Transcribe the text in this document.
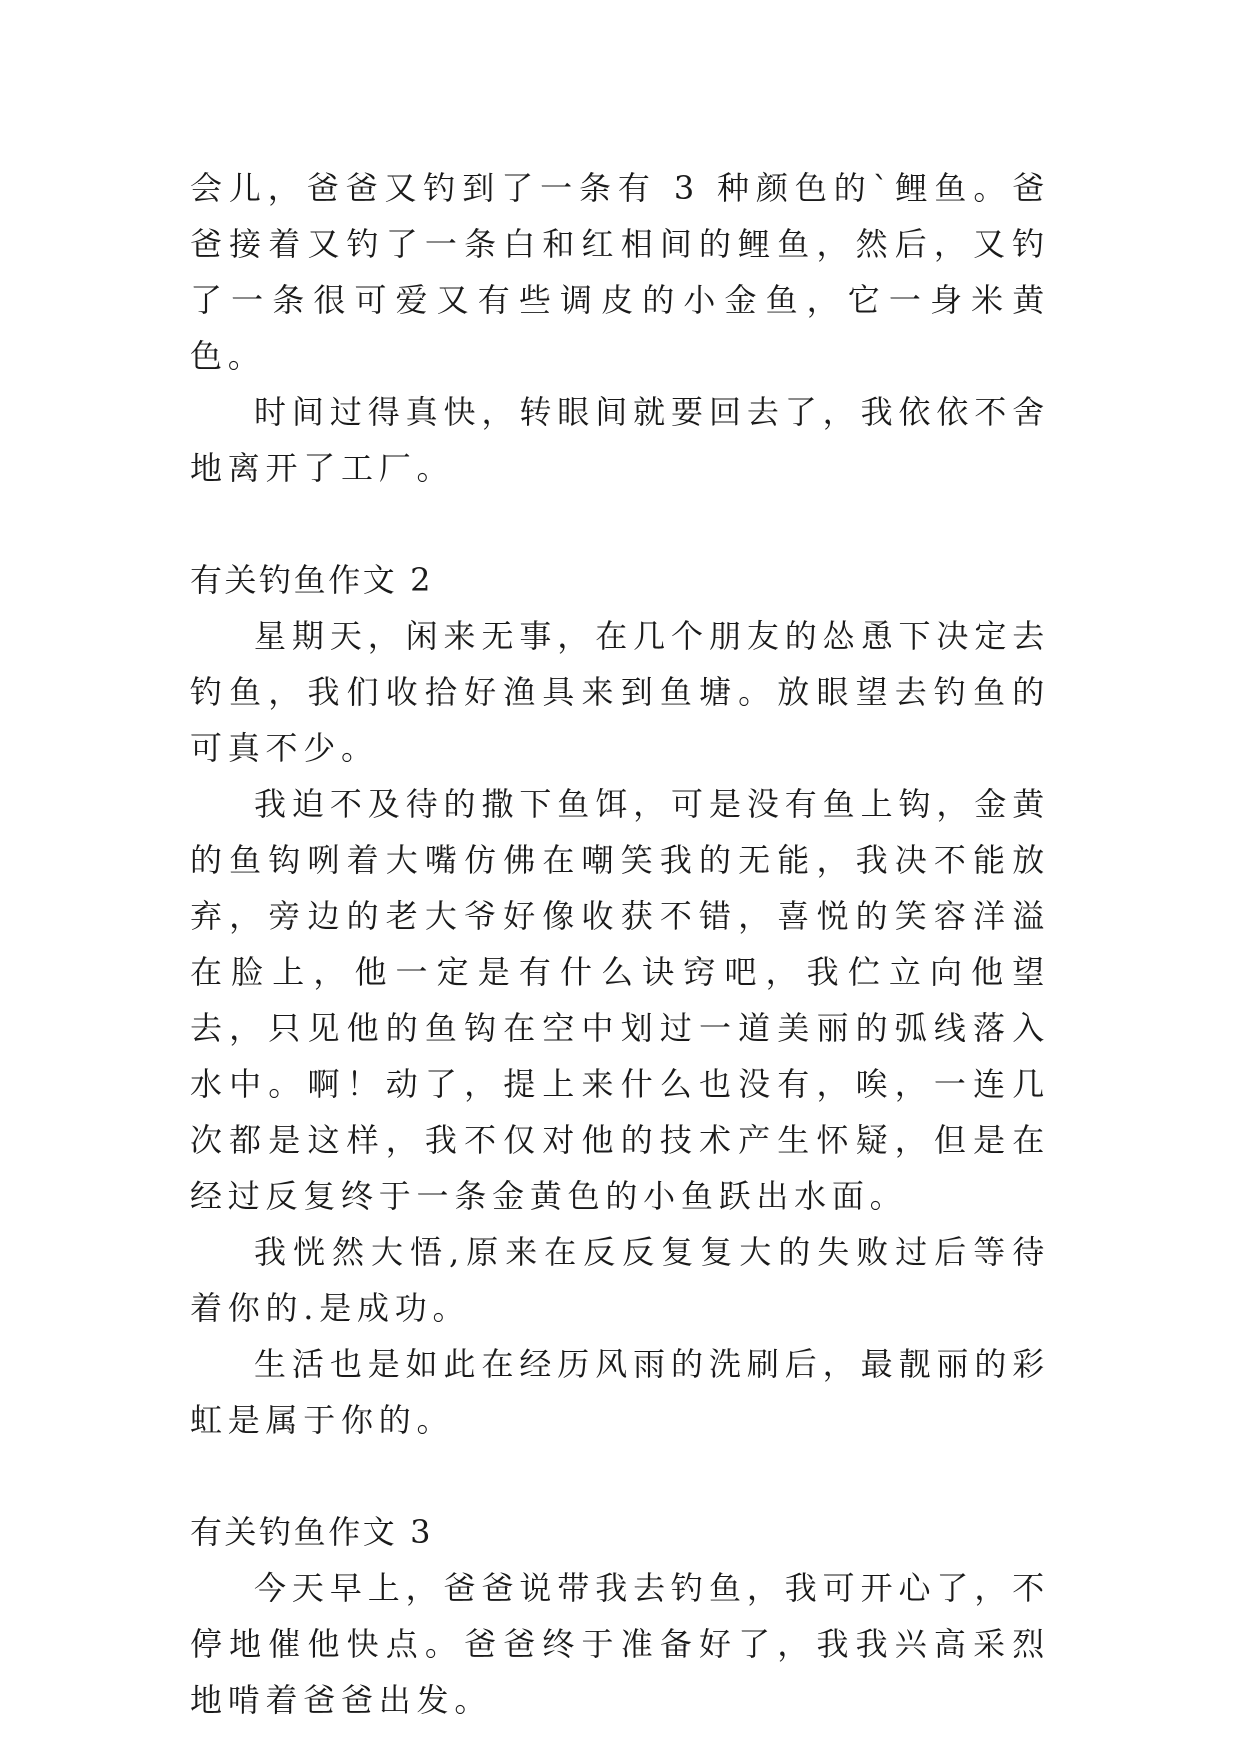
会儿，爸爸又钓到了一条有 3 种颜色的`鲤鱼。爸爸接着又钓了一条白和红相间的鲤鱼，然后，又钓了一条很可爱又有些调皮的小金鱼，它一身米黄色。

时间过得真快，转眼间就要回去了，我依依不舍地离开了工厂。

有关钓鱼作文 2

星期天，闲来无事，在几个朋友的怂恿下决定去钓鱼，我们收拾好渔具来到鱼塘。放眼望去钓鱼的可真不少。

我迫不及待的撒下鱼饵，可是没有鱼上钩，金黄的鱼钩咧着大嘴仿佛在嘲笑我的无能，我决不能放弃，旁边的老大爷好像收获不错，喜悦的笑容洋溢在脸上，他一定是有什么诀窍吧，我伫立向他望去，只见他的鱼钩在空中划过一道美丽的弧线落入水中。啊！动了，提上来什么也没有，唉，一连几次都是这样，我不仅对他的技术产生怀疑，但是在经过反复终于一条金黄色的小鱼跃出水面。

我恍然大悟,原来在反反复复大的失败过后等待着你的.是成功。

生活也是如此在经历风雨的洗刷后，最靓丽的彩虹是属于你的。

有关钓鱼作文 3

今天早上，爸爸说带我去钓鱼，我可开心了，不停地催他快点。爸爸终于准备好了，我我兴高采烈地啃着爸爸出发。
